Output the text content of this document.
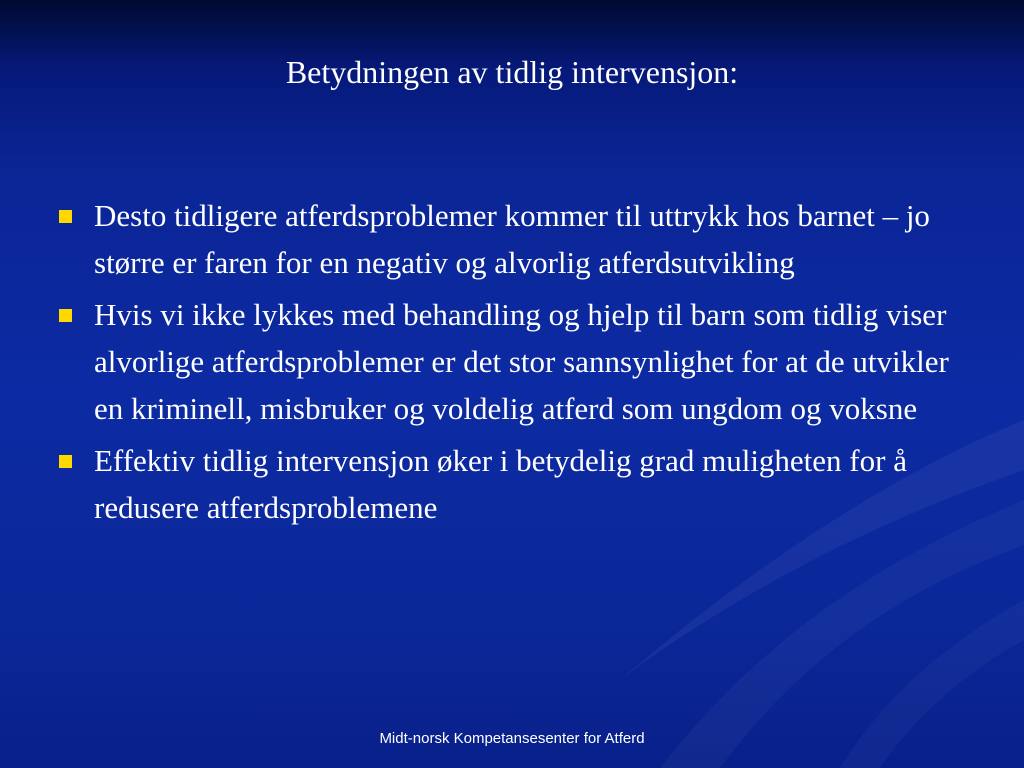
Betydningen av tidlig intervensjon:
Desto tidligere atferdsproblemer kommer til uttrykk hos barnet – jo større er faren for en negativ og alvorlig atferdsutvikling
Hvis vi ikke lykkes med behandling og hjelp til barn som tidlig viser alvorlige atferdsproblemer er det stor sannsynlighet for at de utvikler en kriminell, misbruker og voldelig atferd som ungdom og voksne
Effektiv tidlig intervensjon øker i betydelig grad muligheten for å redusere atferdsproblemene
Midt-norsk Kompetansesenter for Atferd
